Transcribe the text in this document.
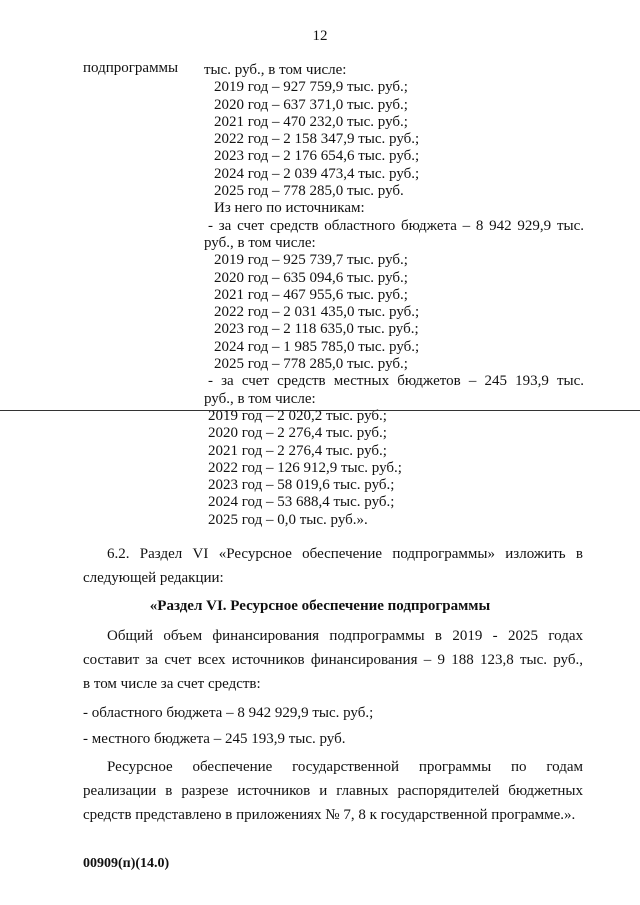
12
подпрограммы тыс. руб., в том числе:
2019 год – 927 759,9 тыс. руб.;
2020 год – 637 371,0 тыс. руб.;
2021 год – 470 232,0 тыс. руб.;
2022 год – 2 158 347,9 тыс. руб.;
2023 год – 2 176 654,6 тыс. руб.;
2024 год – 2 039 473,4 тыс. руб.;
2025 год – 778 285,0 тыс. руб.
Из него по источникам:
- за счет средств областного бюджета – 8 942 929,9 тыс.
руб., в том числе:
2019 год – 925 739,7 тыс. руб.;
2020 год – 635 094,6 тыс. руб.;
2021 год – 467 955,6 тыс. руб.;
2022 год – 2 031 435,0 тыс. руб.;
2023 год – 2 118 635,0 тыс. руб.;
2024 год – 1 985 785,0 тыс. руб.;
2025 год – 778 285,0 тыс. руб.;
- за счет средств местных бюджетов – 245 193,9 тыс.
руб., в том числе:
2019 год – 2 020,2 тыс. руб.;
2020 год – 2 276,4 тыс. руб.;
2021 год – 2 276,4 тыс. руб.;
2022 год – 126 912,9 тыс. руб.;
2023 год – 58 019,6 тыс. руб.;
2024 год – 53 688,4 тыс. руб.;
2025 год – 0,0 тыс. руб.».
6.2. Раздел VI «Ресурсное обеспечение подпрограммы» изложить в
следующей редакции:
«Раздел VI. Ресурсное обеспечение подпрограммы
Общий объем финансирования подпрограммы в 2019 - 2025 годах
составит за счет всех источников финансирования – 9 188 123,8 тыс. руб.,
в том числе за счет средств:
- областного бюджета – 8 942 929,9 тыс. руб.;
- местного бюджета – 245 193,9 тыс. руб.
Ресурсное обеспечение государственной программы по годам
реализации в разрезе источников и главных распорядителей бюджетных
средств представлено в приложениях № 7, 8 к государственной программе.».
00909(п)(14.0)
